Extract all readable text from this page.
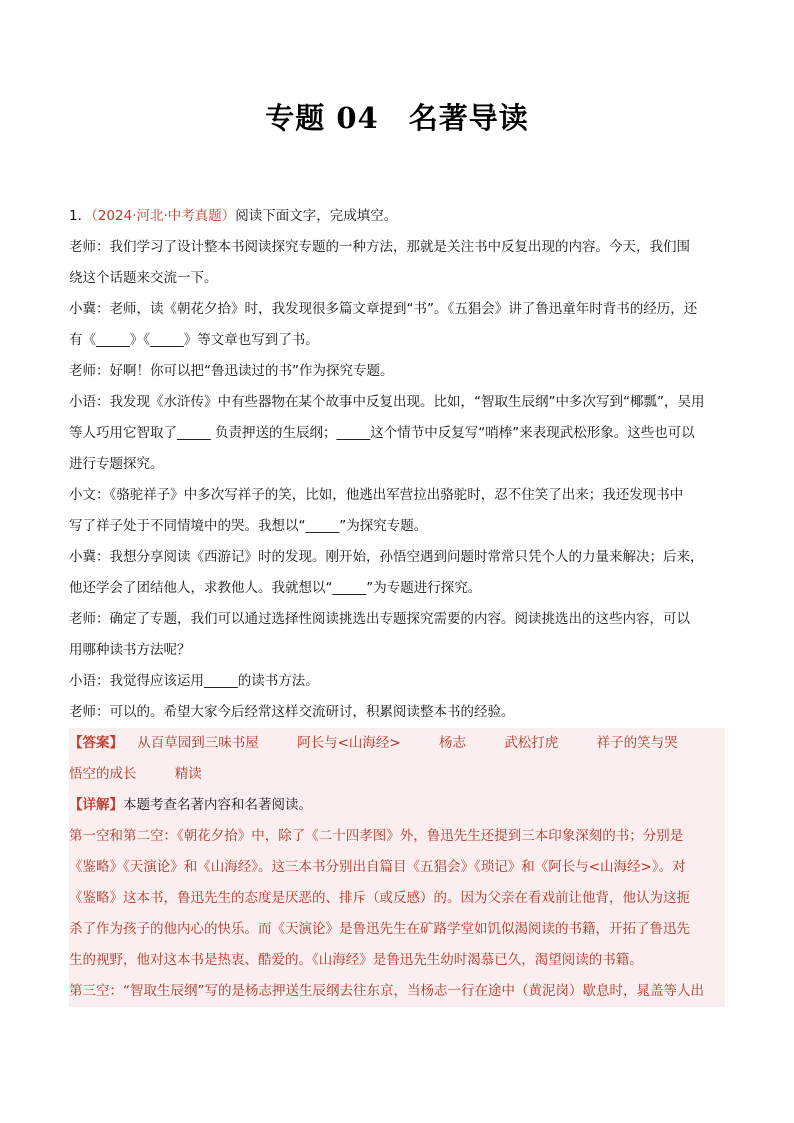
专题 04　名著导读
1．（2024·河北·中考真题）阅读下面文字，完成填空。
老师：我们学习了设计整本书阅读探究专题的一种方法，那就是关注书中反复出现的内容。今天，我们围
绕这个话题来交流一下。
小冀：老师，读《朝花夕拾》时，我发现很多篇文章提到“书”。《五猖会》讲了鲁迅童年时背书的经历，还
有《_____》《_____》等文章也写到了书。
老师：好啊！你可以把“鲁迅读过的书”作为探究专题。
小语：我发现《水浒传》中有些器物在某个故事中反复出现。比如，“智取生辰纲”中多次写到“椰瓢”，吴用
等人巧用它智取了_____ 负责押送的生辰纲；_____这个情节中反复写“哨棒”来表现武松形象。这些也可以
进行专题探究。
小文：《骆驼祥子》中多次写祥子的笑，比如，他逃出军营拉出骆驼时，忍不住笑了出来；我还发现书中
写了祥子处于不同情境中的哭。我想以“_____”为探究专题。
小冀：我想分享阅读《西游记》时的发现。刚开始，孙悟空遇到问题时常常只凭个人的力量来解决；后来，
他还学会了团结他人，求教他人。我就想以“_____”为专题进行探究。
老师：确定了专题，我们可以通过选择性阅读挑选出专题探究需要的内容。阅读挑选出的这些内容，可以
用哪种读书方法呢？
小语：我觉得应该运用_____的读书方法。
老师：可以的。希望大家今后经常这样交流研讨，积累阅读整本书的经验。
【答案】 从百草园到三味书屋	阿长与<山海经>	杨志	武松打虎	祥子的笑与哭
悟空的成长	精读
【详解】本题考查名著内容和名著阅读。
第一空和第二空：《朝花夕拾》中，除了《二十四孝图》外，鲁迅先生还提到三本印象深刻的书；分别是
《鉴略》《天演论》和《山海经》。这三本书分别出自篇目《五猖会》《琐记》和《阿长与<山海经>》。对
《鉴略》这本书，鲁迅先生的态度是厌恶的、排斥（或反感）的。因为父亲在看戏前让他背，他认为这扼
杀了作为孩子的他内心的快乐。而《天演论》是鲁迅先生在矿路学堂如饥似渴阅读的书籍，开拓了鲁迅先
生的视野，他对这本书是热衷、酷爱的。《山海经》是鲁迅先生幼时渴慕已久，渴望阅读的书籍。
第三空：“智取生辰纲”写的是杨志押送生辰纲去往东京，当杨志一行在途中（黄泥岗）歇息时，晁盖等人出
